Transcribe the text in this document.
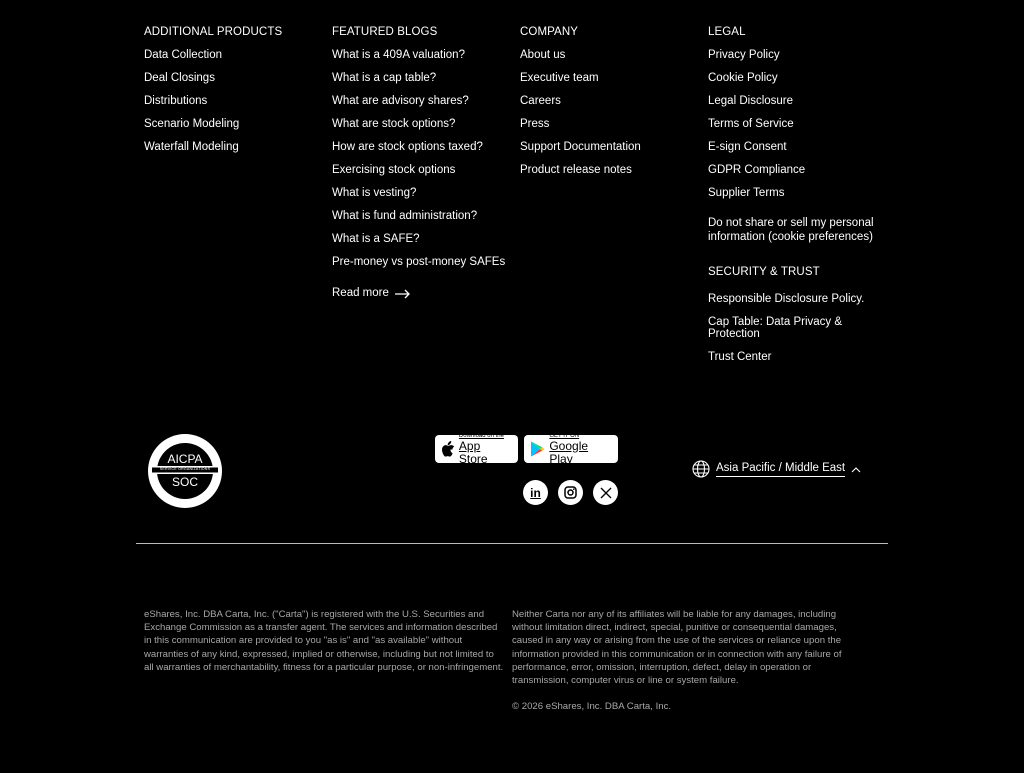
ADDITIONAL PRODUCTS
Data Collection
Deal Closings
Distributions
Scenario Modeling
Waterfall Modeling
FEATURED BLOGS
What is a 409A valuation?
What is a cap table?
What are advisory shares?
What are stock options?
How are stock options taxed?
Exercising stock options
What is vesting?
What is fund administration?
What is a SAFE?
Pre-money vs post-money SAFEs
Read more
COMPANY
About us
Executive team
Careers
Press
Support Documentation
Product release notes
LEGAL
Privacy Policy
Cookie Policy
Legal Disclosure
Terms of Service
E-sign Consent
GDPR Compliance
Supplier Terms
Do not share or sell my personal information (cookie preferences)
SECURITY & TRUST
Responsible Disclosure Policy.
Cap Table: Data Privacy & Protection
Trust Center
AICPA
SERVICE ORGANIZATIONS
SOC
Download on the
App Store
GET IT ON
Google Play
in
Asia Pacific / Middle East

eShares, Inc. DBA Carta, Inc. ("Carta") is registered with the U.S. Securities and Exchange Commission as a transfer agent. The services and information described in this communication are provided to you "as is" and "as available" without warranties of any kind, expressed, implied or otherwise, including but not limited to all warranties of merchantability, fitness for a particular purpose, or non-infringement.

Neither Carta nor any of its affiliates will be liable for any damages, including without limitation direct, indirect, special, punitive or consequential damages, caused in any way or arising from the use of the services or reliance upon the information provided in this communication or in connection with any failure of performance, error, omission, interruption, defect, delay in operation or transmission, computer virus or line or system failure.

© 2026 eShares, Inc. DBA Carta, Inc.
